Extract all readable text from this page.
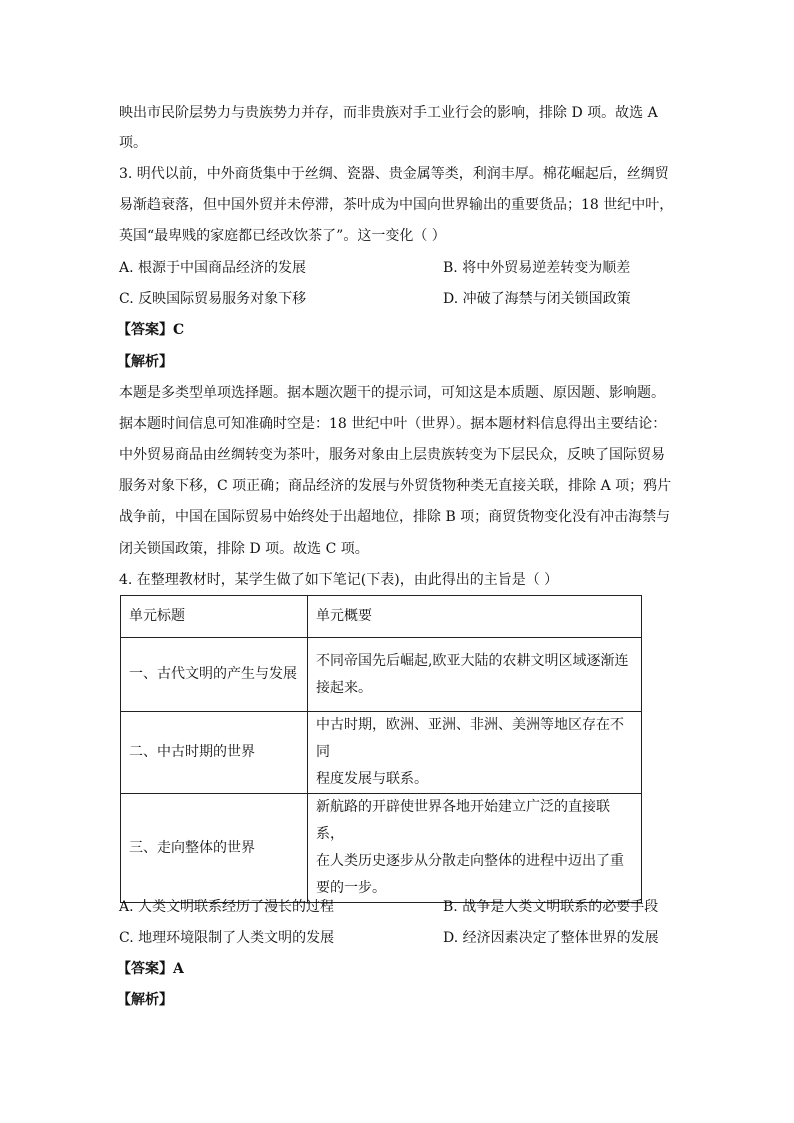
映出市民阶层势力与贵族势力并存，而非贵族对手工业行会的影响，排除 D 项。故选 A
项。
3. 明代以前，中外商货集中于丝绸、瓷器、贵金属等类，利润丰厚。棉花崛起后，丝绸贸
易渐趋衰落，但中国外贸并未停滞，茶叶成为中国向世界输出的重要货品；18 世纪中叶，
英国“最卑贱的家庭都已经改饮茶了”。这一变化（ ）
A. 根源于中国商品经济的发展	B. 将中外贸易逆差转变为顺差
C. 反映国际贸易服务对象下移	D. 冲破了海禁与闭关锁国政策
【答案】C
【解析】
本题是多类型单项选择题。据本题次题干的提示词，可知这是本质题、原因题、影响题。
据本题时间信息可知准确时空是：18 世纪中叶（世界）。据本题材料信息得出主要结论：
中外贸易商品由丝绸转变为茶叶，服务对象由上层贵族转变为下层民众，反映了国际贸易
服务对象下移，C 项正确；商品经济的发展与外贸货物种类无直接关联，排除 A 项；鸦片
战争前，中国在国际贸易中始终处于出超地位，排除 B 项；商贸货物变化没有冲击海禁与
闭关锁国政策，排除 D 项。故选 C 项。
4. 在整理教材时，某学生做了如下笔记(下表)，由此得出的主旨是（ ）
单元标题	单元概要
一、古代文明的产生与发展	不同帝国先后崛起,欧亚大陆的农耕文明区域逐渐连
接起来。
二、中古时期的世界	中古时期，欧洲、亚洲、非洲、美洲等地区存在不同
程度发展与联系。
三、走向整体的世界	新航路的开辟使世界各地开始建立广泛的直接联系，
在人类历史逐步从分散走向整体的进程中迈出了重
要的一步。
A. 人类文明联系经历了漫长的过程	B. 战争是人类文明联系的必要手段
C. 地理环境限制了人类文明的发展	D. 经济因素决定了整体世界的发展
【答案】A
【解析】
